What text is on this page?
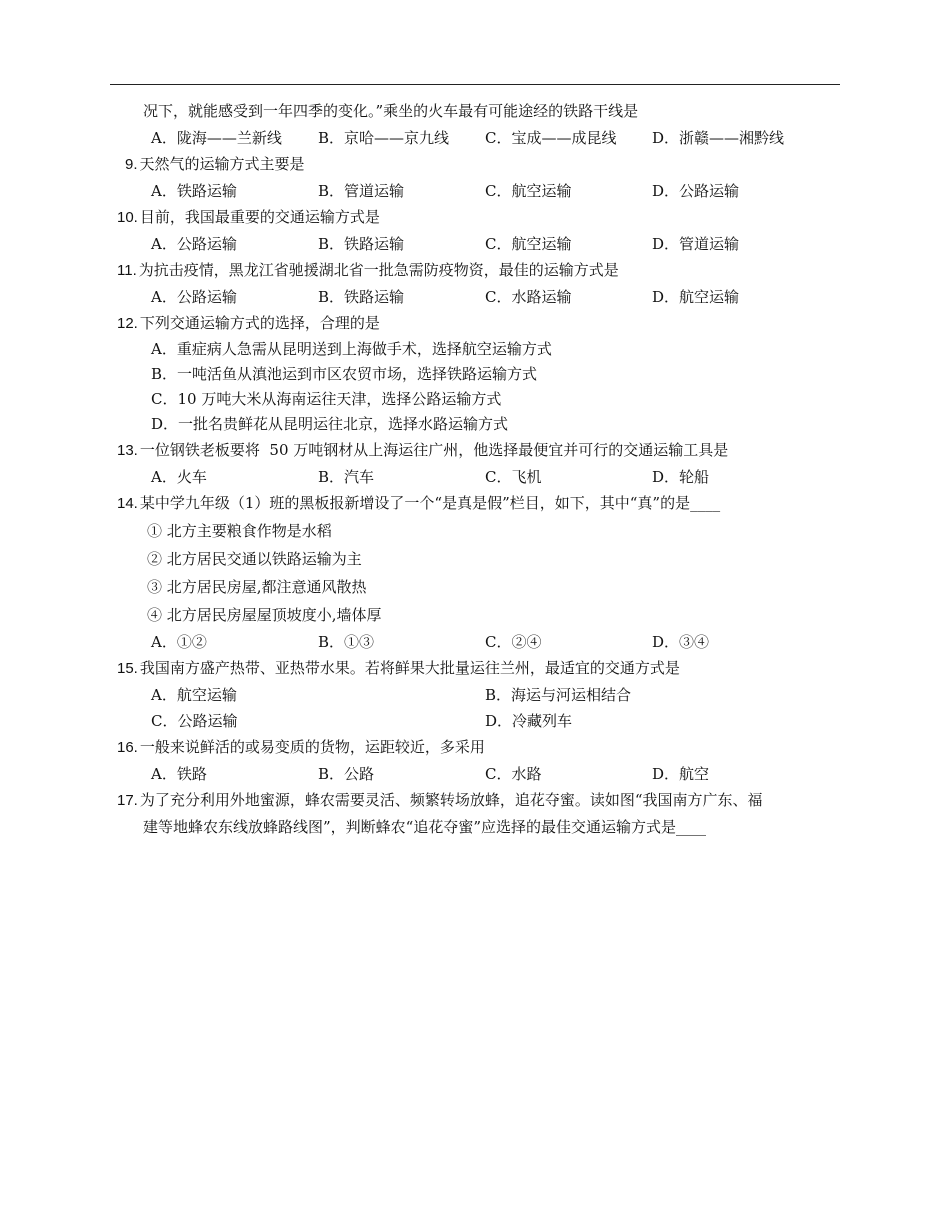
况下，就能感受到一年四季的变化。”乘坐的火车最有可能途经的铁路干线是
A．陇海——兰新线	B．京哈——京九线	C．宝成——成昆线	D．浙赣——湘黔线
9. 天然气的运输方式主要是
A．铁路运输	B．管道运输	C．航空运输	D．公路运输
10. 目前，我国最重要的交通运输方式是
A．公路运输	B．铁路运输	C．航空运输	D．管道运输
11. 为抗击疫情，黑龙江省驰援湖北省一批急需防疫物资，最佳的运输方式是
A．公路运输	B．铁路运输	C．水路运输	D．航空运输
12. 下列交通运输方式的选择，合理的是
A．重症病人急需从昆明送到上海做手术，选择航空运输方式
B．一吨活鱼从滇池运到市区农贸市场，选择铁路运输方式
C．10 万吨大米从海南运往天津，选择公路运输方式
D．一批名贵鲜花从昆明运往北京，选择水路运输方式
13. 一位钢铁老板要将  50 万吨钢材从上海运往广州，他选择最便宜并可行的交通运输工具是
A．火车	B．汽车	C．飞机	D．轮船
14. 某中学九年级（1）班的黑板报新增设了一个“是真是假”栏目，如下，其中“真”的是____
① 北方主要粮食作物是水稻
② 北方居民交通以铁路运输为主
③ 北方居民房屋,都注意通风散热
④ 北方居民房屋屋顶坡度小,墙体厚
A．①②	B．①③	C．②④	D．③④
15. 我国南方盛产热带、亚热带水果。若将鲜果大批量运往兰州，最适宜的交通方式是
A．航空运输	B．海运与河运相结合
C．公路运输	D．冷藏列车
16. 一般来说鲜活的或易变质的货物，运距较近，多采用
A．铁路	B．公路	C．水路	D．航空
17. 为了充分利用外地蜜源，蜂农需要灵活、频繁转场放蜂，追花夺蜜。读如图“我国南方广东、福
建等地蜂农东线放蜂路线图”，判断蜂农“追花夺蜜”应选择的最佳交通运输方式是____
